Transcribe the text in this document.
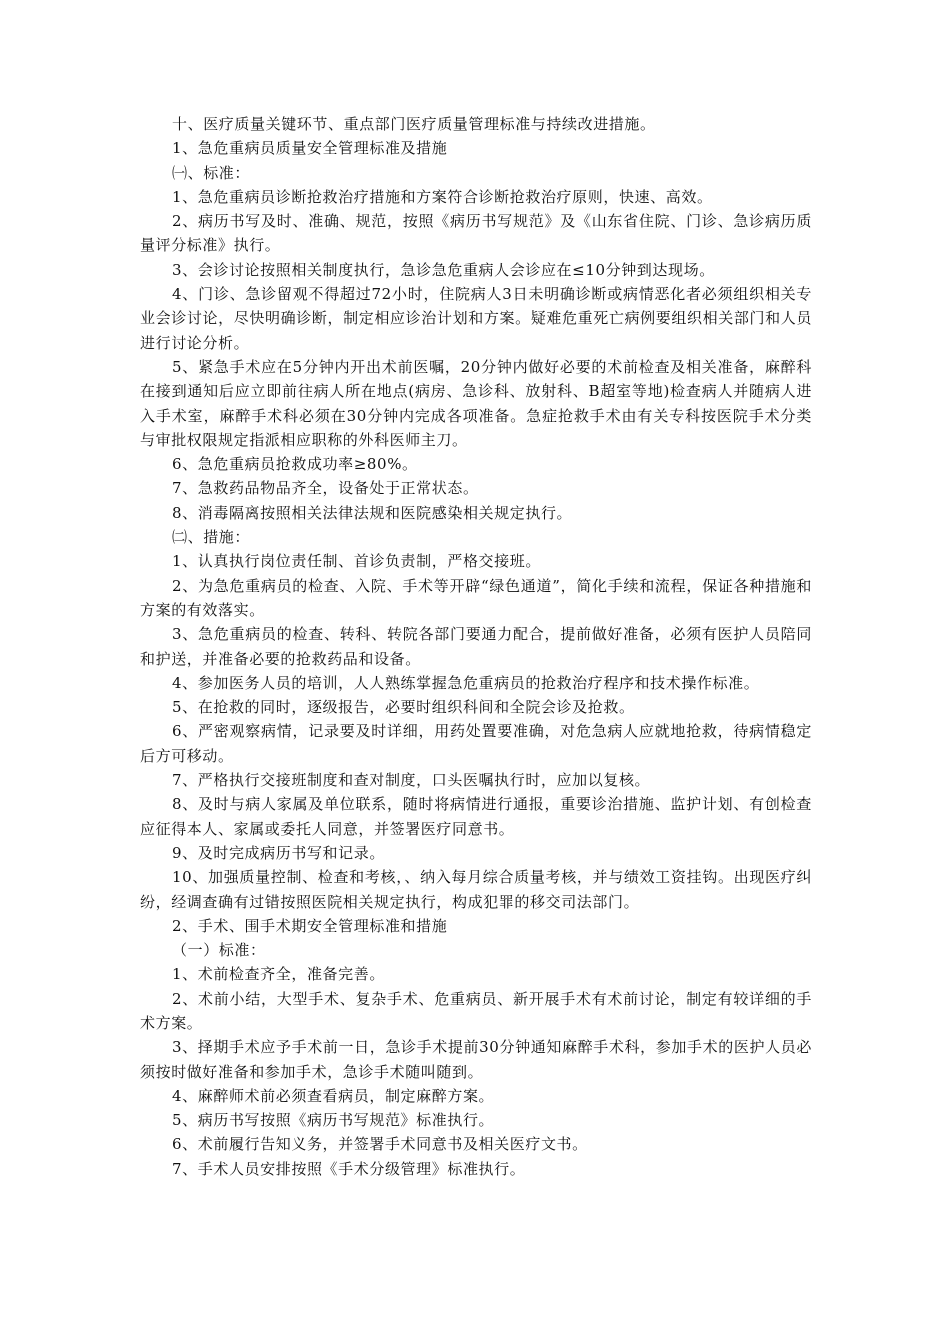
十、医疗质量关键环节、重点部门医疗质量管理标准与持续改进措施。

1、急危重病员质量安全管理标准及措施

㈠、标准：

1、急危重病员诊断抢救治疗措施和方案符合诊断抢救治疗原则，快速、高效。

2、病历书写及时、准确、规范，按照《病历书写规范》及《山东省住院、门诊、急诊病历质量评分标准》执行。

3、会诊讨论按照相关制度执行，急诊急危重病人会诊应在≤10分钟到达现场。

4、门诊、急诊留观不得超过72小时，住院病人3日未明确诊断或病情恶化者必须组织相关专业会诊讨论，尽快明确诊断，制定相应诊治计划和方案。疑难危重死亡病例要组织相关部门和人员进行讨论分析。

5、紧急手术应在5分钟内开出术前医嘱，20分钟内做好必要的术前检查及相关准备，麻醉科在接到通知后应立即前往病人所在地点(病房、急诊科、放射科、B超室等地)检查病人并随病人进入手术室，麻醉手术科必须在30分钟内完成各项准备。急症抢救手术由有关专科按医院手术分类与审批权限规定指派相应职称的外科医师主刀。

6、急危重病员抢救成功率≥80%。

7、急救药品物品齐全，设备处于正常状态。

8、消毒隔离按照相关法律法规和医院感染相关规定执行。

㈡、措施：

1、认真执行岗位责任制、首诊负责制，严格交接班。

2、为急危重病员的检查、入院、手术等开辟“绿色通道”，简化手续和流程，保证各种措施和方案的有效落实。

3、急危重病员的检查、转科、转院各部门要通力配合，提前做好准备，必须有医护人员陪同和护送，并准备必要的抢救药品和设备。

4、参加医务人员的培训，人人熟练掌握急危重病员的抢救治疗程序和技术操作标准。

5、在抢救的同时，逐级报告，必要时组织科间和全院会诊及抢救。

6、严密观察病情，记录要及时详细，用药处置要准确，对危急病人应就地抢救，待病情稳定后方可移动。

7、严格执行交接班制度和查对制度，口头医嘱执行时，应加以复核。

8、及时与病人家属及单位联系，随时将病情进行通报，重要诊治措施、监护计划、有创检查应征得本人、家属或委托人同意，并签署医疗同意书。

9、及时完成病历书写和记录。

10、加强质量控制、检查和考核，、纳入每月综合质量考核，并与绩效工资挂钩。出现医疗纠纷，经调查确有过错按照医院相关规定执行，构成犯罪的移交司法部门。

2、手术、围手术期安全管理标准和措施

（一）标准：

1、术前检查齐全，准备完善。

2、术前小结，大型手术、复杂手术、危重病员、新开展手术有术前讨论，制定有较详细的手术方案。

3、择期手术应予手术前一日，急诊手术提前30分钟通知麻醉手术科，参加手术的医护人员必须按时做好准备和参加手术，急诊手术随叫随到。

4、麻醉师术前必须查看病员，制定麻醉方案。

5、病历书写按照《病历书写规范》标准执行。

6、术前履行告知义务，并签署手术同意书及相关医疗文书。

7、手术人员安排按照《手术分级管理》标准执行。
